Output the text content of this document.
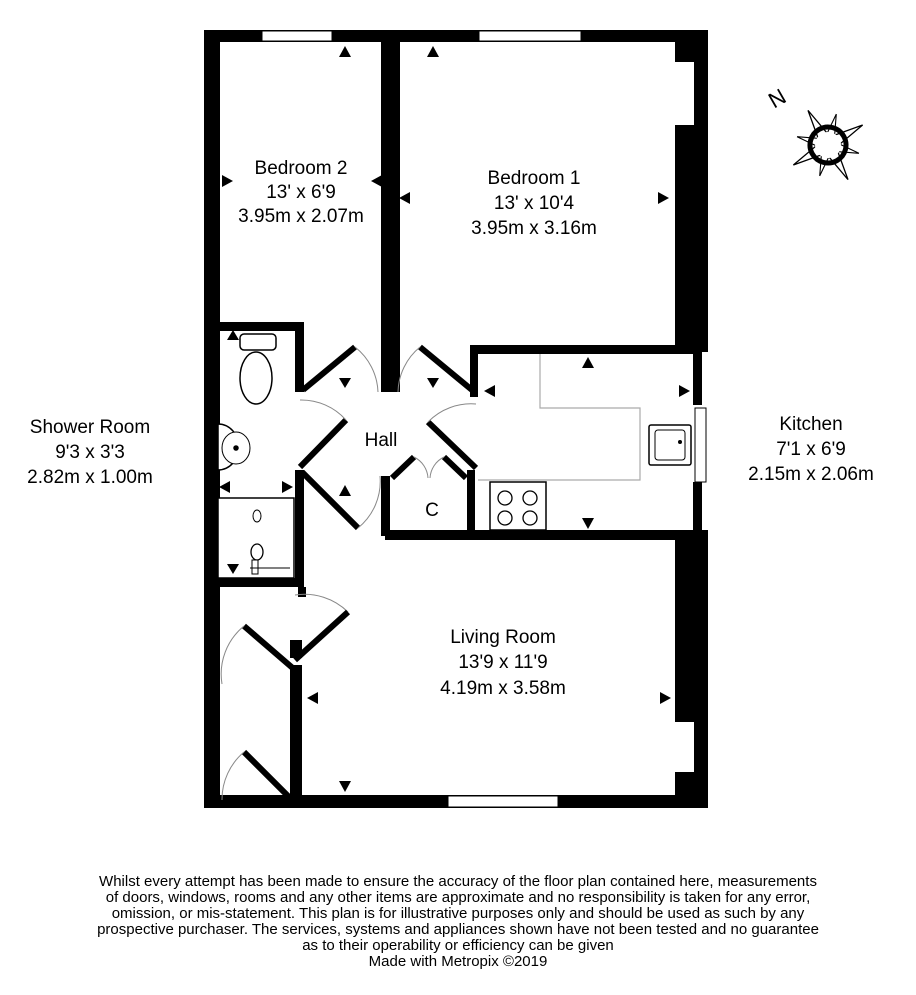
N
Bedroom 2
13' x 6'9
3.95m x 2.07m
Bedroom 1
13' x 10'4
3.95m x 3.16m
Shower Room
9'3 x 3'3
2.82m x 1.00m
Hall
C
Kitchen
7'1 x 6'9
2.15m x 2.06m
Living Room
13'9 x 11'9
4.19m x 3.58m
Whilst every attempt has been made to ensure the accuracy of the floor plan contained here, measurements
of doors, windows, rooms and any other items are approximate and no responsibility is taken for any error,
omission, or mis-statement. This plan is for illustrative purposes only and should be used as such by any
prospective purchaser. The services, systems and appliances shown have not been tested and no guarantee
as to their operability or efficiency can be given
Made with Metropix ©2019
